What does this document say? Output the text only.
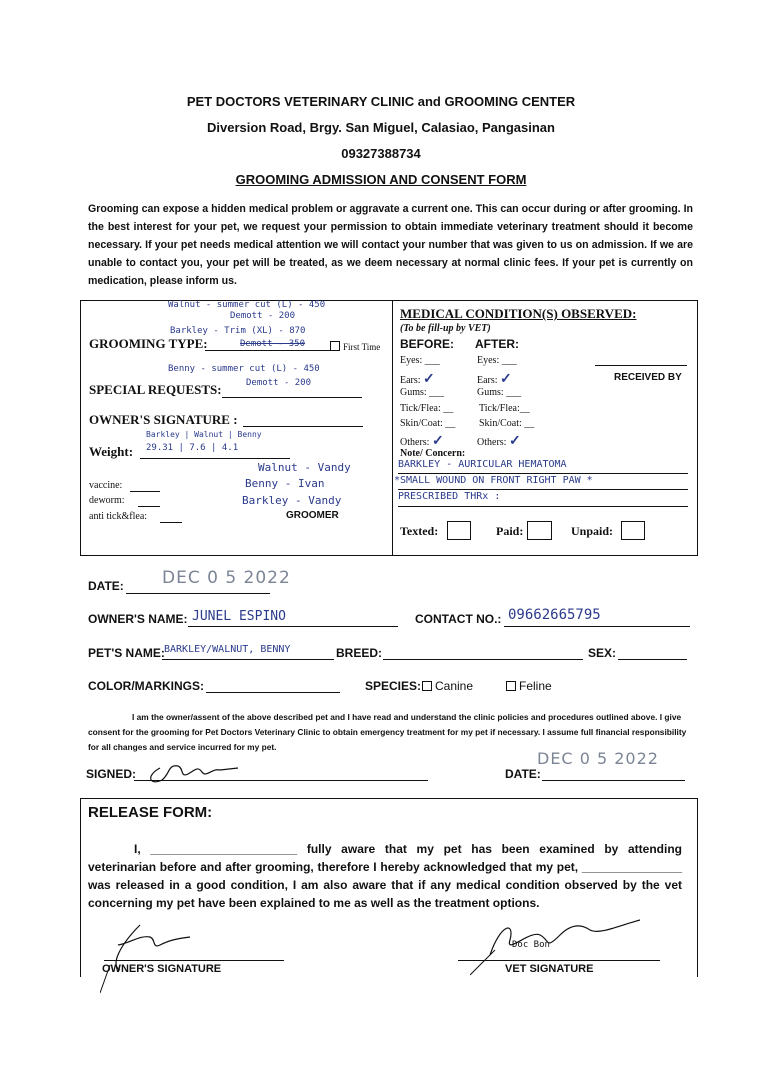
PET DOCTORS VETERINARY CLINIC and GROOMING CENTER
Diversion Road, Brgy. San Miguel, Calasiao, Pangasinan
09327388734
GROOMING ADMISSION AND CONSENT FORM
Grooming can expose a hidden medical problem or aggravate a current one. This can occur during or after grooming. In the best interest for your pet, we request your permission to obtain immediate veterinary treatment should it become necessary. If your pet needs medical attention we will contact your number that was given to us on admission. If we are unable to contact you, your pet will be treated, as we deem necessary at normal clinic fees. If your pet is currently on medication, please inform us.
Walnut - summer cut (L) - 450
Demott - 200
Barkley - Trim (XL) - 870
GROOMING TYPE:	Demott - 350	First Time
Benny - summer cut (L) - 450
Demott - 200
SPECIAL REQUESTS:
OWNER'S SIGNATURE :
Barkley | Walnut | Benny
Weight: 29.31 | 7.6 | 4.1
vaccine:
deworm:
anti tick&flea:
Walnut - Vandy
Benny - Ivan
Barkley - Vandy
GROOMER
MEDICAL CONDITION(S) OBSERVED:
(To be fill-up by VET)
BEFORE: AFTER:
Eyes: ___	Eyes: ___
Ears: ✓	Ears: ✓
Gums: ___	Gums: ___
Tick/Flea: __	Tick/Flea:__
Skin/Coat: __ Skin/Coat: __
Others: ✓	Others: ✓
RECEIVED BY
Note/ Concern:
BARKLEY - AURICULAR HEMATOMA
*SMALL WOUND ON FRONT RIGHT PAW *
PRESCRIBED THRx :
Texted:	Paid:	Unpaid:
DATE: DEC 0 5 2022
OWNER'S NAME: JUNEL ESPINO	CONTACT NO.: 09662665795
PET'S NAME: BARKLEY/WALNUT, BENNY	BREED:	SEX:
COLOR/MARKINGS:	SPECIES:	Canine	Feline
I am the owner/assent of the above described pet and I have read and understand the clinic policies and procedures outlined above. I give consent for the grooming for Pet Doctors Veterinary Clinic to obtain emergency treatment for my pet if necessary. I assume full financial responsibility for all changes and service incurred for my pet.
SIGNED:	DATE:
DEC 0 5 2022
RELEASE FORM:
I, ______________________ fully aware that my pet has been examined by attending veterinarian before and after grooming, therefore I hereby acknowledged that my pet, _______________ was released in a good condition, I am also aware that if any medical condition observed by the vet concerning my pet have been explained to me as well as the treatment options.
OWNER'S SIGNATURE	VET SIGNATURE
Doc Bon
